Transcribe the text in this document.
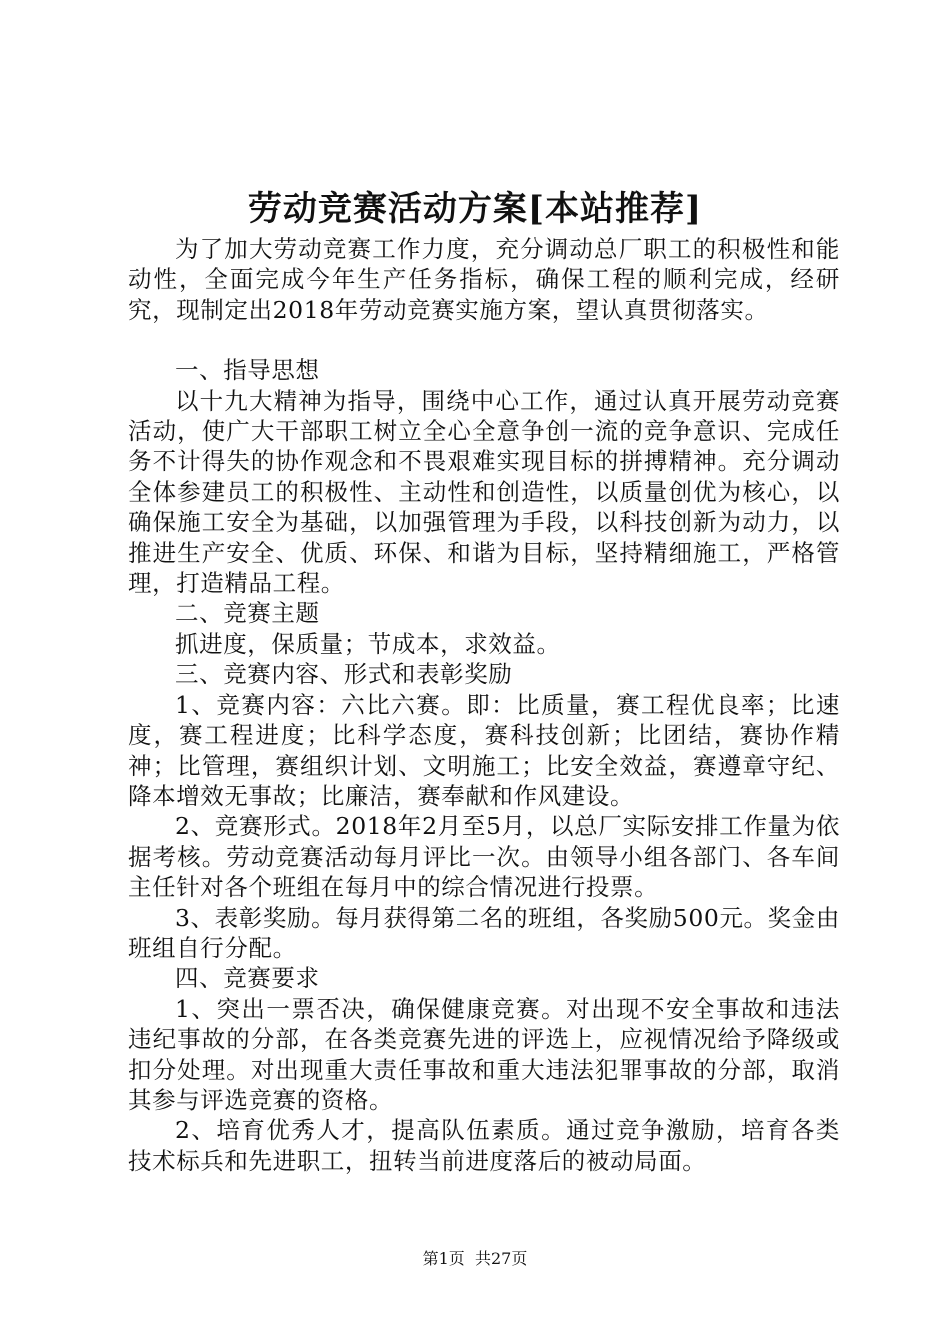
劳动竞赛活动方案[本站推荐]

为了加大劳动竞赛工作力度，充分调动总厂职工的积极性和能动性，全面完成今年生产任务指标，确保工程的顺利完成，经研究，现制定出2018年劳动竞赛实施方案，望认真贯彻落实。

一、指导思想

以十九大精神为指导，围绕中心工作，通过认真开展劳动竞赛活动，使广大干部职工树立全心全意争创一流的竞争意识、完成任务不计得失的协作观念和不畏艰难实现目标的拼搏精神。充分调动全体参建员工的积极性、主动性和创造性，以质量创优为核心，以确保施工安全为基础，以加强管理为手段，以科技创新为动力，以推进生产安全、优质、环保、和谐为目标，坚持精细施工，严格管理，打造精品工程。

二、竞赛主题

抓进度，保质量；节成本，求效益。

三、竞赛内容、形式和表彰奖励

1、竞赛内容：六比六赛。即：比质量，赛工程优良率；比速度，赛工程进度；比科学态度，赛科技创新；比团结，赛协作精神；比管理，赛组织计划、文明施工；比安全效益，赛遵章守纪、降本增效无事故；比廉洁，赛奉献和作风建设。

2、竞赛形式。2018年2月至5月，以总厂实际安排工作量为依据考核。劳动竞赛活动每月评比一次。由领导小组各部门、各车间主任针对各个班组在每月中的综合情况进行投票。

3、表彰奖励。每月获得第二名的班组，各奖励500元。奖金由班组自行分配。

四、竞赛要求

1、突出一票否决，确保健康竞赛。对出现不安全事故和违法违纪事故的分部，在各类竞赛先进的评选上，应视情况给予降级或扣分处理。对出现重大责任事故和重大违法犯罪事故的分部，取消其参与评选竞赛的资格。

2、培育优秀人才，提高队伍素质。通过竞争激励，培育各类技术标兵和先进职工，扭转当前进度落后的被动局面。

第1页 共27页
